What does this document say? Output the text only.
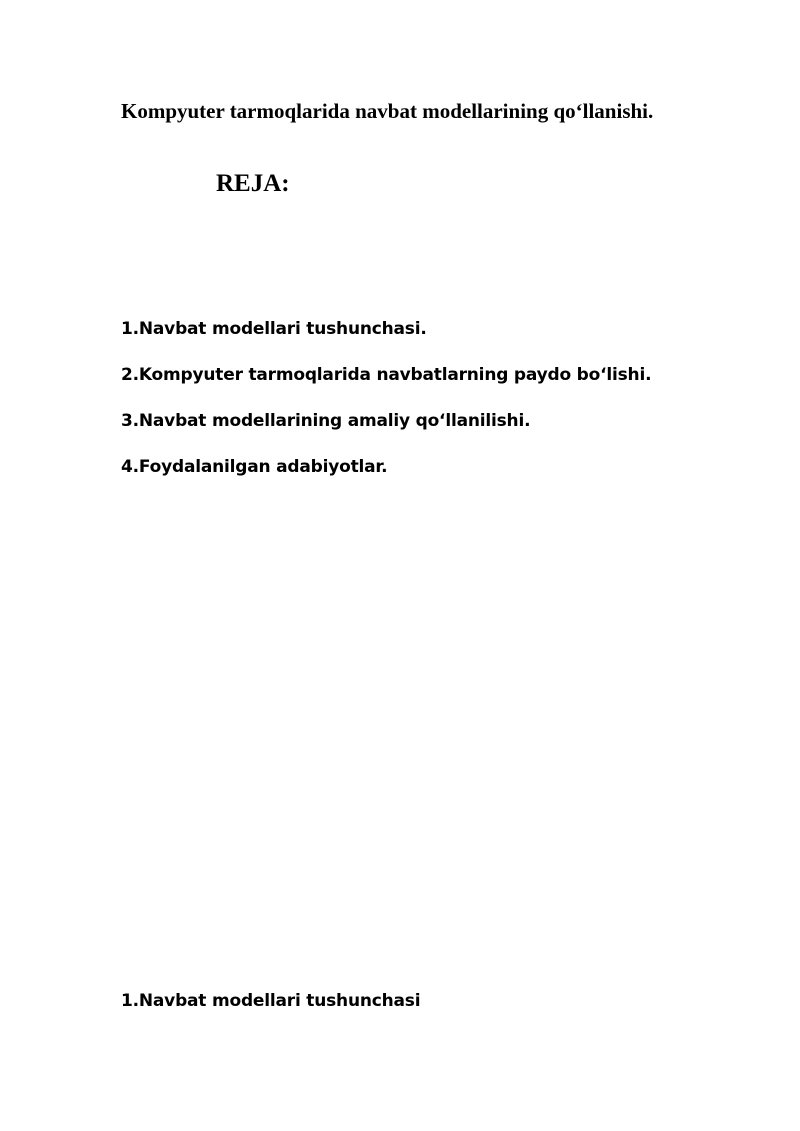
Kompyuter tarmoqlarida navbat modellarining qo‘llanishi.
REJA:
1.Navbat modellari tushunchasi.
2.Kompyuter tarmoqlarida navbatlarning paydo bo‘lishi.
3.Navbat modellarining amaliy qo‘llanilishi.
4.Foydalanilgan adabiyotlar.
1.Navbat modellari tushunchasi
